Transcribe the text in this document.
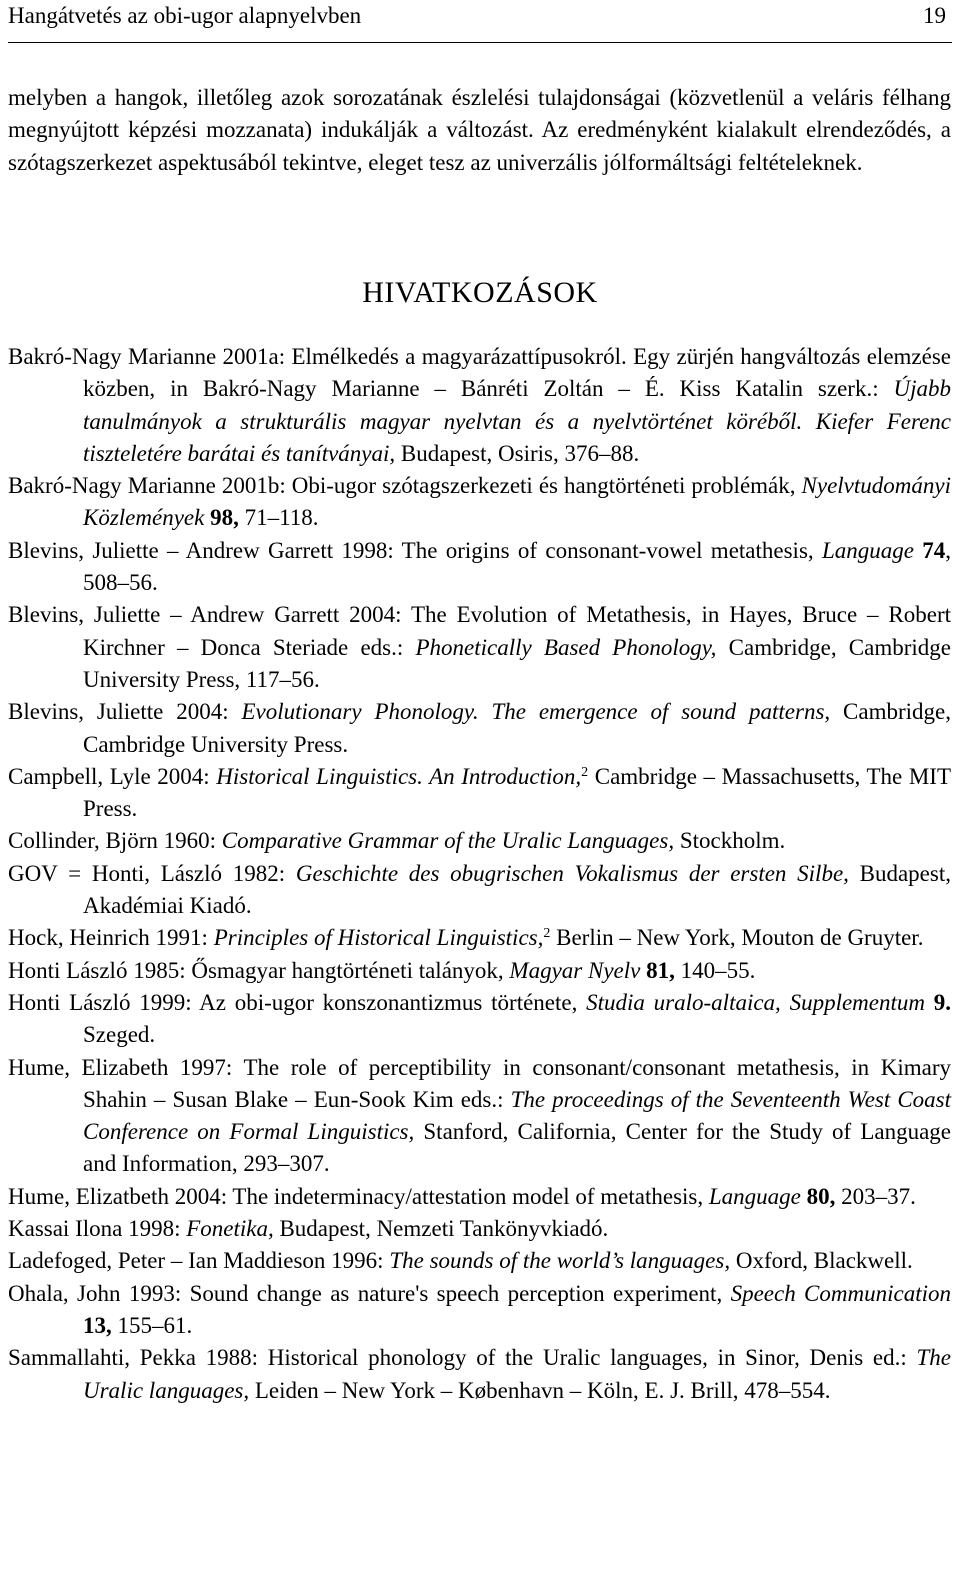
Hangátvetés az obi-ugor alapnyelvben	19

melyben a hangok, illetőleg azok sorozatának észlelési tulajdonságai (közvetlenül a veláris félhang megnyújtott képzési mozzanata) indukálják a változást. Az eredményként kialakult elrendeződés, a szótagszerkezet aspektusából tekintve, eleget tesz az univerzális jólformáltsági feltételeknek.

HIVATKOZÁSOK
Bakró-Nagy Marianne 2001a: Elmélkedés a magyarázattípusokról. Egy zürjén hangváltozás elemzése közben, in Bakró-Nagy Marianne – Bánréti Zoltán – É. Kiss Katalin szerk.: Újabb tanulmányok a strukturális magyar nyelvtan és a nyelvtörténet köréből. Kiefer Ferenc tiszteletére barátai és tanítványai, Budapest, Osiris, 376–88.
Bakró-Nagy Marianne 2001b: Obi-ugor szótagszerkezeti és hangtörténeti problémák, Nyelvtudományi Közlemények 98, 71–118.
Blevins, Juliette – Andrew Garrett 1998: The origins of consonant-vowel metathesis, Language 74, 508–56.
Blevins, Juliette – Andrew Garrett 2004: The Evolution of Metathesis, in Hayes, Bruce – Robert Kirchner – Donca Steriade eds.: Phonetically Based Phonology, Cambridge, Cambridge University Press, 117–56.
Blevins, Juliette 2004: Evolutionary Phonology. The emergence of sound patterns, Cambridge, Cambridge University Press.
Campbell, Lyle 2004: Historical Linguistics. An Introduction,$^2$ Cambridge – Massachusetts, The MIT Press.
Collinder, Björn 1960: Comparative Grammar of the Uralic Languages, Stockholm.
GOV = Honti, László 1982: Geschichte des obugrischen Vokalismus der ersten Silbe, Budapest, Akadémiai Kiadó.
Hock, Heinrich 1991: Principles of Historical Linguistics,$^2$ Berlin – New York, Mouton de Gruyter.
Honti László 1985: Ősmagyar hangtörténeti talányok, Magyar Nyelv 81, 140–55.
Honti László 1999: Az obi-ugor konszonantizmus története, Studia uralo-altaica, Supplementum 9. Szeged.
Hume, Elizabeth 1997: The role of perceptibility in consonant/consonant metathesis, in Kimary Shahin – Susan Blake – Eun-Sook Kim eds.: The proceedings of the Seventeenth West Coast Conference on Formal Linguistics, Stanford, California, Center for the Study of Language and Information, 293–307.
Hume, Elizatbeth 2004: The indeterminacy/attestation model of metathesis, Language 80, 203–37.
Kassai Ilona 1998: Fonetika, Budapest, Nemzeti Tankönyvkiadó.
Ladefoged, Peter – Ian Maddieson 1996: The sounds of the world’s languages, Oxford, Blackwell.
Ohala, John 1993: Sound change as nature's speech perception experiment, Speech Communication 13, 155–61.
Sammallahti, Pekka 1988: Historical phonology of the Uralic languages, in Sinor, Denis ed.: The Uralic languages, Leiden – New York – København – Köln, E. J. Brill, 478–554.
